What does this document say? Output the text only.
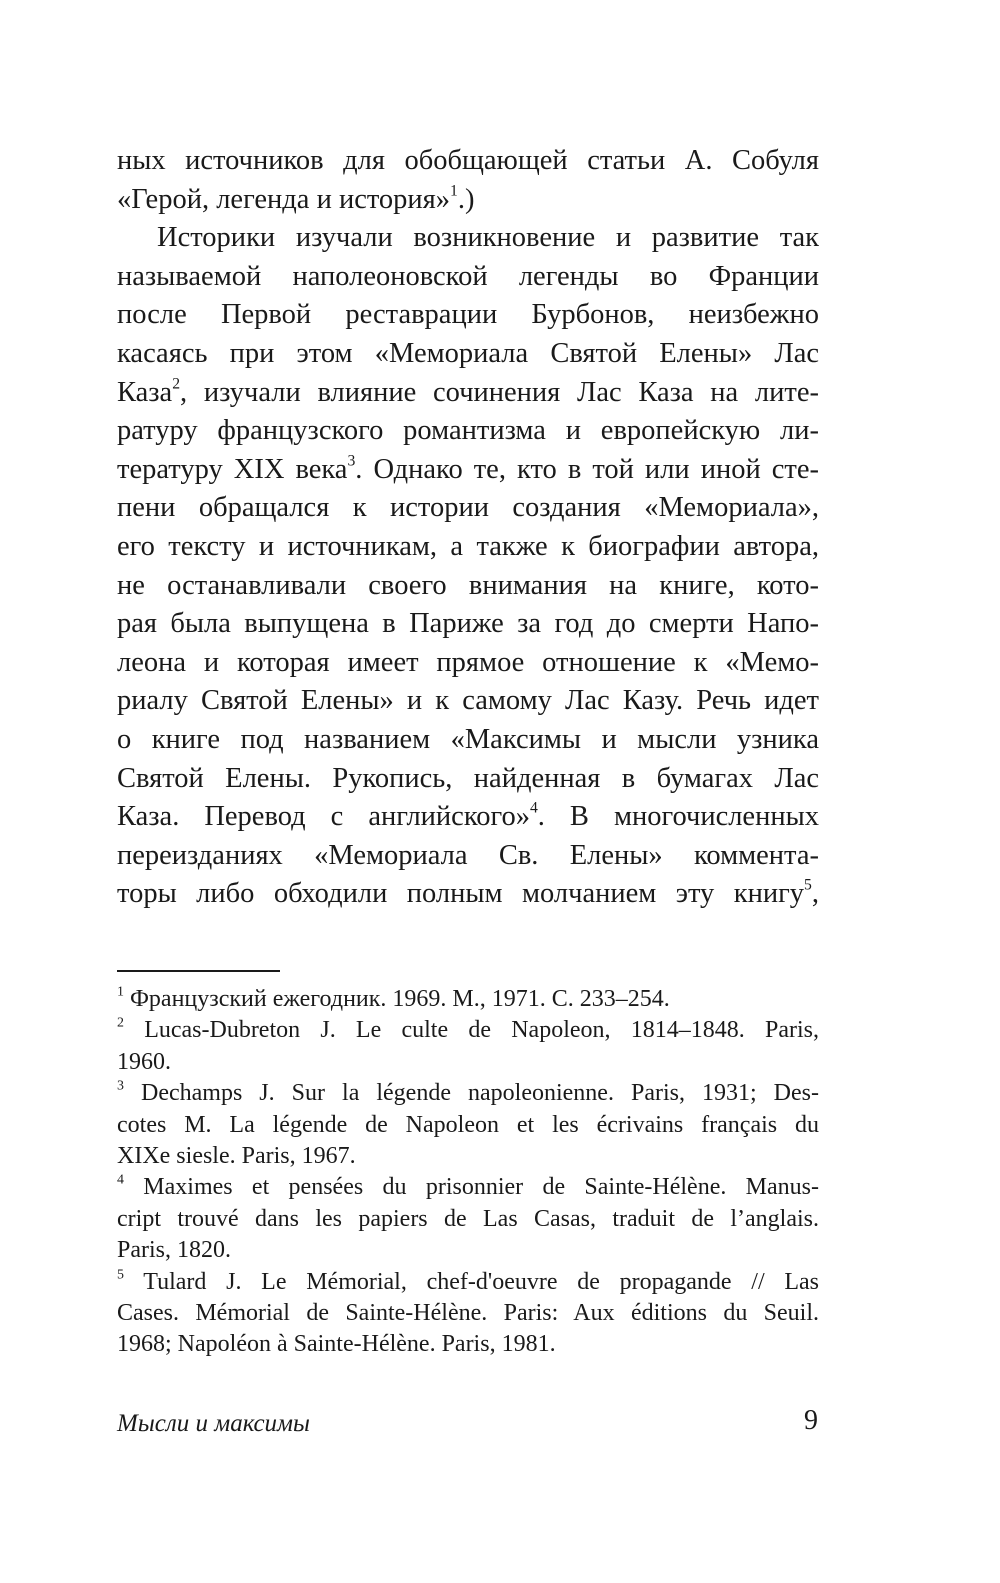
ных источников для обобщающей статьи А. Собуля
«Герой, легенда и история»$^1$.)
Историки изучали возникновение и развитие так
называемой наполеоновской легенды во Франции
после Первой реставрации Бурбонов, неизбежно
касаясь при этом «Мемориала Святой Елены» Лас
Каза$^2$, изучали влияние сочинения Лас Каза на лите-
ратуру французского романтизма и европейскую ли-
тературу XIX века$^3$. Однако те, кто в той или иной сте-
пени обращался к истории создания «Мемориала»,
его тексту и источникам, а также к биографии автора,
не останавливали своего внимания на книге, кото-
рая была выпущена в Париже за год до смерти Напо-
леона и которая имеет прямое отношение к «Мемо-
риалу Святой Елены» и к самому Лас Казу. Речь идет
о книге под названием «Максимы и мысли узника
Святой Елены. Рукопись, найденная в бумагах Лас
Каза. Перевод с английского»$^4$. В многочисленных
переизданиях «Мемориала Св. Елены» коммента-
торы либо обходили полным молчанием эту книгу$^5$,
$^1$ Французский ежегодник. 1969. М., 1971. С. 233–254.
$^2$ Lucas-Dubreton J. Le culte de Napoleon, 1814–1848. Paris,
1960.
$^3$ Dechamps J. Sur la légende napoleonienne. Paris, 1931; Des-
cotes M. La légende de Napoleon et les écrivains français du
XIXe siesle. Paris, 1967.
$^4$ Maximes et pensées du prisonnier de Sainte-Hélène. Manus-
cript trouvé dans les papiers de Las Casas, traduit de l’anglais.
Paris, 1820.
$^5$ Tulard J. Le Mémorial, chef-d'oeuvre de propagande // Las
Cases. Mémorial de Sainte-Hélène. Paris: Aux éditions du Seuil.
1968; Napoléon à Sainte-Hélène. Paris, 1981.
Мысли и максимы	9
